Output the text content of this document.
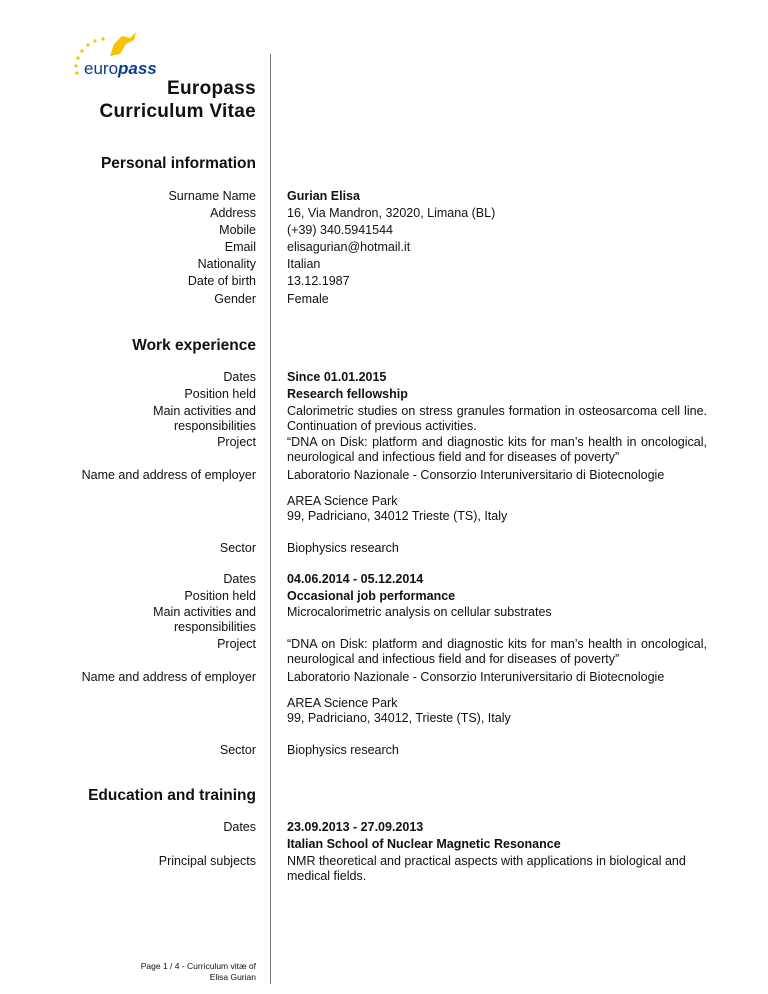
euro pass
Europass
Curriculum Vitae
Personal information
Surname Name
Address
Mobile
Email
Nationality
Date of birth
Gender
Gurian Elisa
16, Via Mandron, 32020, Limana (BL)
(+39) 340.5941544
elisagurian@hotmail.it
Italian
13.12.1987
Female
Work experience
Dates
Position held
Main activities and
responsibilities
Project
Name and address of employer
Sector
Since 01.01.2015
Research fellowship
Calorimetric studies on stress granules formation in osteosarcoma cell line. Continuation of previous activities.
“DNA on Disk: platform and diagnostic kits for man’s health in oncological, neurological and infectious field and for diseases of poverty”
Laboratorio Nazionale - Consorzio Interuniversitario di Biotecnologie
AREA Science Park
99, Padriciano, 34012 Trieste (TS), Italy
Biophysics research
Dates
Position held
Main activities and
responsibilities
Project
Name and address of employer
Sector
04.06.2014 - 05.12.2014
Occasional job performance
Microcalorimetric analysis on cellular substrates
“DNA on Disk: platform and diagnostic kits for man’s health in oncological, neurological and infectious field and for diseases of poverty”
Laboratorio Nazionale - Consorzio Interuniversitario di Biotecnologie
AREA Science Park
99, Padriciano, 34012, Trieste (TS), Italy
Biophysics research
Education and training
Dates
Principal subjects
23.09.2013 - 27.09.2013
Italian School of Nuclear Magnetic Resonance
NMR theoretical and practical aspects with applications in biological and medical fields.
Page 1 / 4 - Curriculum vitæ of
Elisa Gurian
